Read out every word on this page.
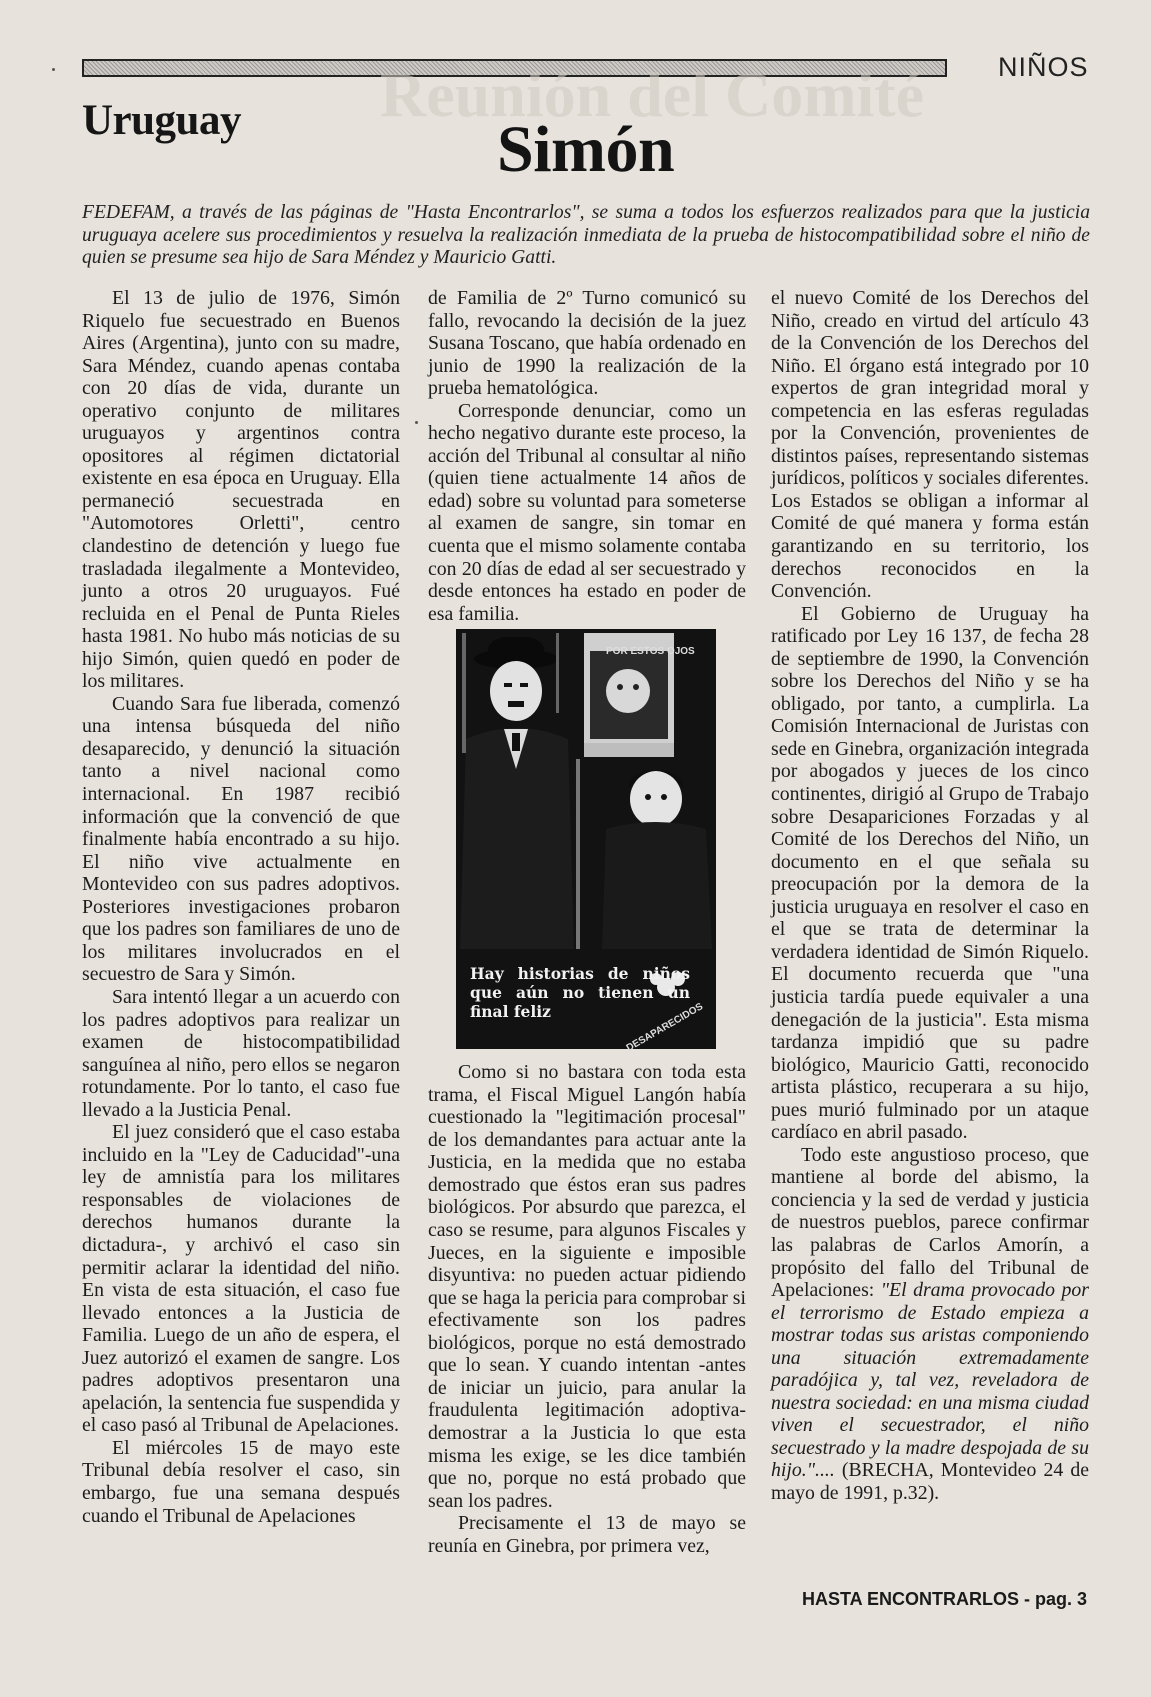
NIÑOS
Reunión del Comité
Uruguay	Simón
FEDEFAM, a través de las páginas de "Hasta Encontrarlos", se suma a todos los esfuerzos realizados para que la justicia uruguaya acelere sus procedimientos y resuelva la realización inmediata de la prueba de histocompatibilidad sobre el niño de quien se presume sea hijo de Sara Méndez y Mauricio Gatti.

El 13 de julio de 1976, Simón Riquelo fue secuestrado en Buenos Aires (Argentina), junto con su madre, Sara Méndez, cuando apenas contaba con 20 días de vida, durante un operativo conjunto de militares uruguayos y argentinos contra opositores al régimen dictatorial existente en esa época en Uruguay. Ella permaneció secuestrada en "Automotores Orletti", centro clandestino de detención y luego fue trasladada ilegalmente a Montevideo, junto a otros 20 uruguayos. Fué recluida en el Penal de Punta Rieles hasta 1981. No hubo más noticias de su hijo Simón, quien quedó en poder de los militares.

Cuando Sara fue liberada, comenzó una intensa búsqueda del niño desaparecido, y denunció la situación tanto a nivel nacional como internacional. En 1987 recibió información que la convenció de que finalmente había encontrado a su hijo. El niño vive actualmente en Montevideo con sus padres adoptivos. Posteriores investigaciones probaron que los padres son familiares de uno de los militares involucrados en el secuestro de Sara y Simón.

Sara intentó llegar a un acuerdo con los padres adoptivos para realizar un examen de histocompatibilidad sanguínea al niño, pero ellos se negaron rotundamente. Por lo tanto, el caso fue llevado a la Justicia Penal.

El juez consideró que el caso estaba incluido en la "Ley de Caducidad"-una ley de amnistía para los militares responsables de violaciones de derechos humanos durante la dictadura-, y archivó el caso sin permitir aclarar la identidad del niño. En vista de esta situación, el caso fue llevado entonces a la Justicia de Familia. Luego de un año de espera, el Juez autorizó el examen de sangre. Los padres adoptivos presentaron una apelación, la sentencia fue suspendida y el caso pasó al Tribunal de Apelaciones.

El miércoles 15 de mayo este Tribunal debía resolver el caso, sin embargo, fue una semana después cuando el Tribunal de Apelaciones

de Familia de 2º Turno comunicó su fallo, revocando la decisión de la juez Susana Toscano, que había ordenado en junio de 1990 la realización de la prueba hematológica.

Corresponde denunciar, como un hecho negativo durante este proceso, la acción del Tribunal al consultar al niño (quien tiene actualmente 14 años de edad) sobre su voluntad para someterse al examen de sangre, sin tomar en cuenta que el mismo solamente contaba con 20 días de edad al ser secuestrado y desde entonces ha estado en poder de esa familia.

POR ESTOS OJOS
Hay historias de niños que aún no tienen un final feliz	DESAPARECIDOS

Como si no bastara con toda esta trama, el Fiscal Miguel Langón había cuestionado la "legitimación procesal" de los demandantes para actuar ante la Justicia, en la medida que no estaba demostrado que éstos eran sus padres biológicos. Por absurdo que parezca, el caso se resume, para algunos Fiscales y Jueces, en la siguiente e imposible disyuntiva: no pueden actuar pidiendo que se haga la pericia para comprobar si efectivamente son los padres biológicos, porque no está demostrado que lo sean. Y cuando intentan -antes de iniciar un juicio, para anular la fraudulenta legitimación adoptiva- demostrar a la Justicia lo que esta misma les exige, se les dice también que no, porque no está probado que sean los padres.

Precisamente el 13 de mayo se reunía en Ginebra, por primera vez,

el nuevo Comité de los Derechos del Niño, creado en virtud del artículo 43 de la Convención de los Derechos del Niño. El órgano está integrado por 10 expertos de gran integridad moral y competencia en las esferas reguladas por la Convención, provenientes de distintos países, representando sistemas jurídicos, políticos y sociales diferentes. Los Estados se obligan a informar al Comité de qué manera y forma están garantizando en su territorio, los derechos reconocidos en la Convención.

El Gobierno de Uruguay ha ratificado por Ley 16 137, de fecha 28 de septiembre de 1990, la Convención sobre los Derechos del Niño y se ha obligado, por tanto, a cumplirla. La Comisión Internacional de Juristas con sede en Ginebra, organización integrada por abogados y jueces de los cinco continentes, dirigió al Grupo de Trabajo sobre Desapariciones Forzadas y al Comité de los Derechos del Niño, un documento en el que señala su preocupación por la demora de la justicia uruguaya en resolver el caso en el que se trata de determinar la verdadera identidad de Simón Riquelo. El documento recuerda que "una justicia tardía puede equivaler a una denegación de la justicia". Esta misma tardanza impidió que su padre biológico, Mauricio Gatti, reconocido artista plástico, recuperara a su hijo, pues murió fulminado por un ataque cardíaco en abril pasado.

Todo este angustioso proceso, que mantiene al borde del abismo, la conciencia y la sed de verdad y justicia de nuestros pueblos, parece confirmar las palabras de Carlos Amorín, a propósito del fallo del Tribunal de Apelaciones: "El drama provocado por el terrorismo de Estado empieza a mostrar todas sus aristas componiendo una situación extremadamente paradójica y, tal vez, reveladora de nuestra sociedad: en una misma ciudad viven el secuestrador, el niño secuestrado y la madre despojada de su hijo.".... (BRECHA, Montevideo 24 de mayo de 1991, p.32).

HASTA ENCONTRARLOS - pag. 3
